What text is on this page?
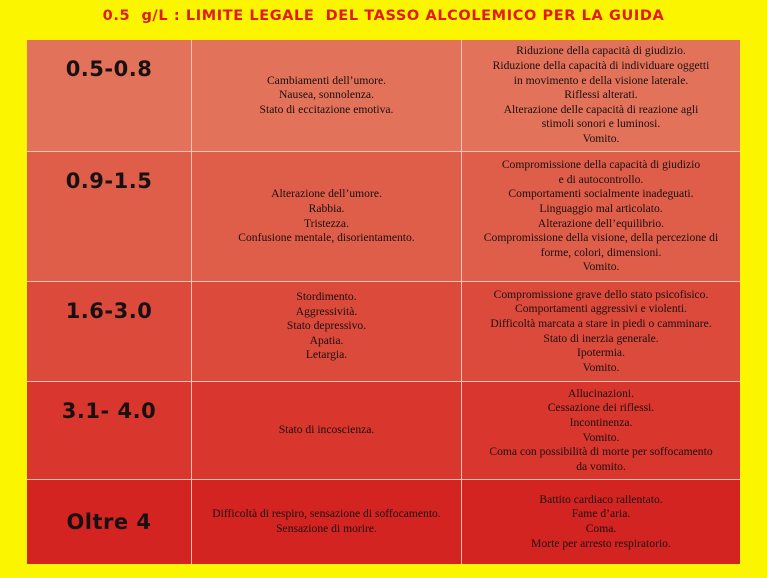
0.5  g/L : LIMITE LEGALE  DEL TASSO ALCOLEMICO PER LA GUIDA
0.5-0.8	Cambiamenti dell’umore.
Nausea, sonnolenza.
Stato di eccitazione emotiva.
Riduzione della capacità di giudizio.
Riduzione della capacità di individuare oggetti
in movimento e della visione laterale.
Riflessi alterati.
Alterazione delle capacità di reazione agli
stimoli sonori e luminosi.
Vomito.
0.9-1.5
Alterazione dell’umore.
Rabbia.
Tristezza.
Confusione mentale, disorientamento.
Compromissione della capacità di giudizio
e di autocontrollo.
Comportamenti socialmente inadeguati.
Linguaggio mal articolato.
Alterazione dell’equilibrio.
Compromissione della visione, della percezione di
forme, colori, dimensioni.
Vomito.
1.6-3.0
Stordimento.
Aggressività.
Stato depressivo.
Apatia.
Letargia.
Compromissione grave dello stato psicofisico.
Comportamenti aggressivi e violenti.
Difficoltà marcata a stare in piedi o camminare.
Stato di inerzia generale.
Ipotermia.
Vomito.
3.1- 4.0
Stato di incoscienza.
Allucinazioni.
Cessazione dei riflessi.
Incontinenza.
Vomito.
Coma con possibilità di morte per soffocamento
da vomito.
Oltre 4	Difficoltà di respiro, sensazione di soffocamento.
Sensazione di morire.
Battito cardiaco rallentato.
Fame d’aria.
Coma.
Morte per arresto respiratorio.
